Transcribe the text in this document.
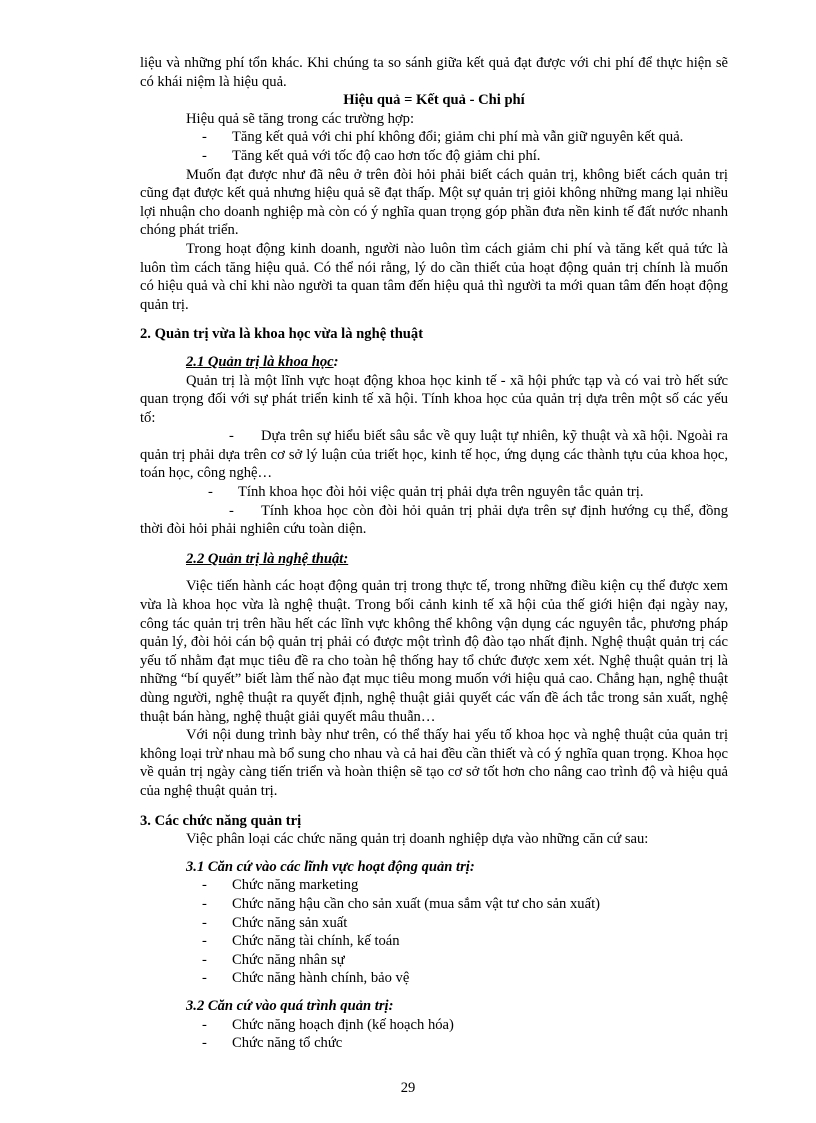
liệu và những phí tổn khác. Khi chúng ta so sánh giữa kết quả đạt được với chi phí để thực hiện sẽ có khái niệm là hiệu quả.

Hiệu quả = Kết quả - Chi phí

Hiệu quả sẽ tăng trong các trường hợp:

-	Tăng kết quả với chi phí không đổi; giảm chi phí mà vẫn giữ nguyên kết quả.
-	Tăng kết quả với tốc độ cao hơn tốc độ giảm chi phí.

Muốn đạt được như đã nêu ở trên đòi hỏi phải biết cách quản trị, không biết cách quản trị cũng đạt được kết quả nhưng hiệu quả sẽ đạt thấp. Một sự quản trị giỏi không những mang lại nhiều lợi nhuận cho doanh nghiệp mà còn có ý nghĩa quan trọng góp phần đưa nền kinh tế đất nước nhanh chóng phát triển.

Trong hoạt động kinh doanh, người nào luôn tìm cách giảm chi phí và tăng kết quả tức là luôn tìm cách tăng hiệu quả. Có thể nói rằng, lý do cần thiết của hoạt động quản trị chính là muốn có hiệu quả và chỉ khi nào người ta quan tâm đến hiệu quả thì người ta mới quan tâm đến hoạt động quản trị.

2. Quản trị vừa là khoa học vừa là nghệ thuật

2.1 Quản trị là khoa học:

Quản trị là một lĩnh vực hoạt động khoa học kinh tế - xã hội phức tạp và có vai trò hết sức quan trọng đối với sự phát triển kinh tế xã hội. Tính khoa học của quản trị dựa trên một số các yếu tố:

- Dựa trên sự hiểu biết sâu sắc về quy luật tự nhiên, kỹ thuật và xã hội. Ngoài ra quản trị phải dựa trên cơ sở lý luận của triết học, kinh tế học, ứng dụng các thành tựu của khoa học, toán học, công nghệ…

-	Tính khoa học đòi hỏi việc quản trị phải dựa trên nguyên tắc quản trị.

- Tính khoa học còn đòi hỏi quản trị phải dựa trên sự định hướng cụ thể, đồng thời đòi hỏi phải nghiên cứu toàn diện.

2.2 Quản trị là nghệ thuật:

Việc tiến hành các hoạt động quản trị trong thực tế, trong những điều kiện cụ thể được xem vừa là khoa học vừa là nghệ thuật. Trong bối cảnh kinh tế xã hội của thế giới hiện đại ngày nay, công tác quản trị trên hầu hết các lĩnh vực không thể không vận dụng các nguyên tắc, phương pháp quản lý, đòi hỏi cán bộ quản trị phải có được một trình độ đào tạo nhất định. Nghệ thuật quản trị các yếu tố nhằm đạt mục tiêu đề ra cho toàn hệ thống hay tổ chức được xem xét. Nghệ thuật quản trị là những “bí quyết” biết làm thế nào đạt mục tiêu mong muốn với hiệu quả cao. Chẳng hạn, nghệ thuật dùng người, nghệ thuật ra quyết định, nghệ thuật giải quyết các vấn đề ách tắc trong sản xuất, nghệ thuật bán hàng, nghệ thuật giải quyết mâu thuẫn…

Với nội dung trình bày như trên, có thể thấy hai yếu tố khoa học và nghệ thuật của quản trị không loại trừ nhau mà bổ sung cho nhau và cả hai đều cần thiết và có ý nghĩa quan trọng. Khoa học về quản trị ngày càng tiến triển và hoàn thiện sẽ tạo cơ sở tốt hơn cho nâng cao trình độ và hiệu quả của nghệ thuật quản trị.

3. Các chức năng quản trị

Việc phân loại các chức năng quản trị doanh nghiệp dựa vào những căn cứ sau:

3.1 Căn cứ vào các lĩnh vực hoạt động quản trị:

-	Chức năng marketing
-	Chức năng hậu cần cho sản xuất (mua sắm vật tư cho sản xuất)
-	Chức năng sản xuất
-	Chức năng tài chính, kế toán
-	Chức năng nhân sự
-	Chức năng hành chính, bảo vệ

3.2 Căn cứ vào quá trình quản trị:

-	Chức năng hoạch định (kế hoạch hóa)
-	Chức năng tổ chức
29
